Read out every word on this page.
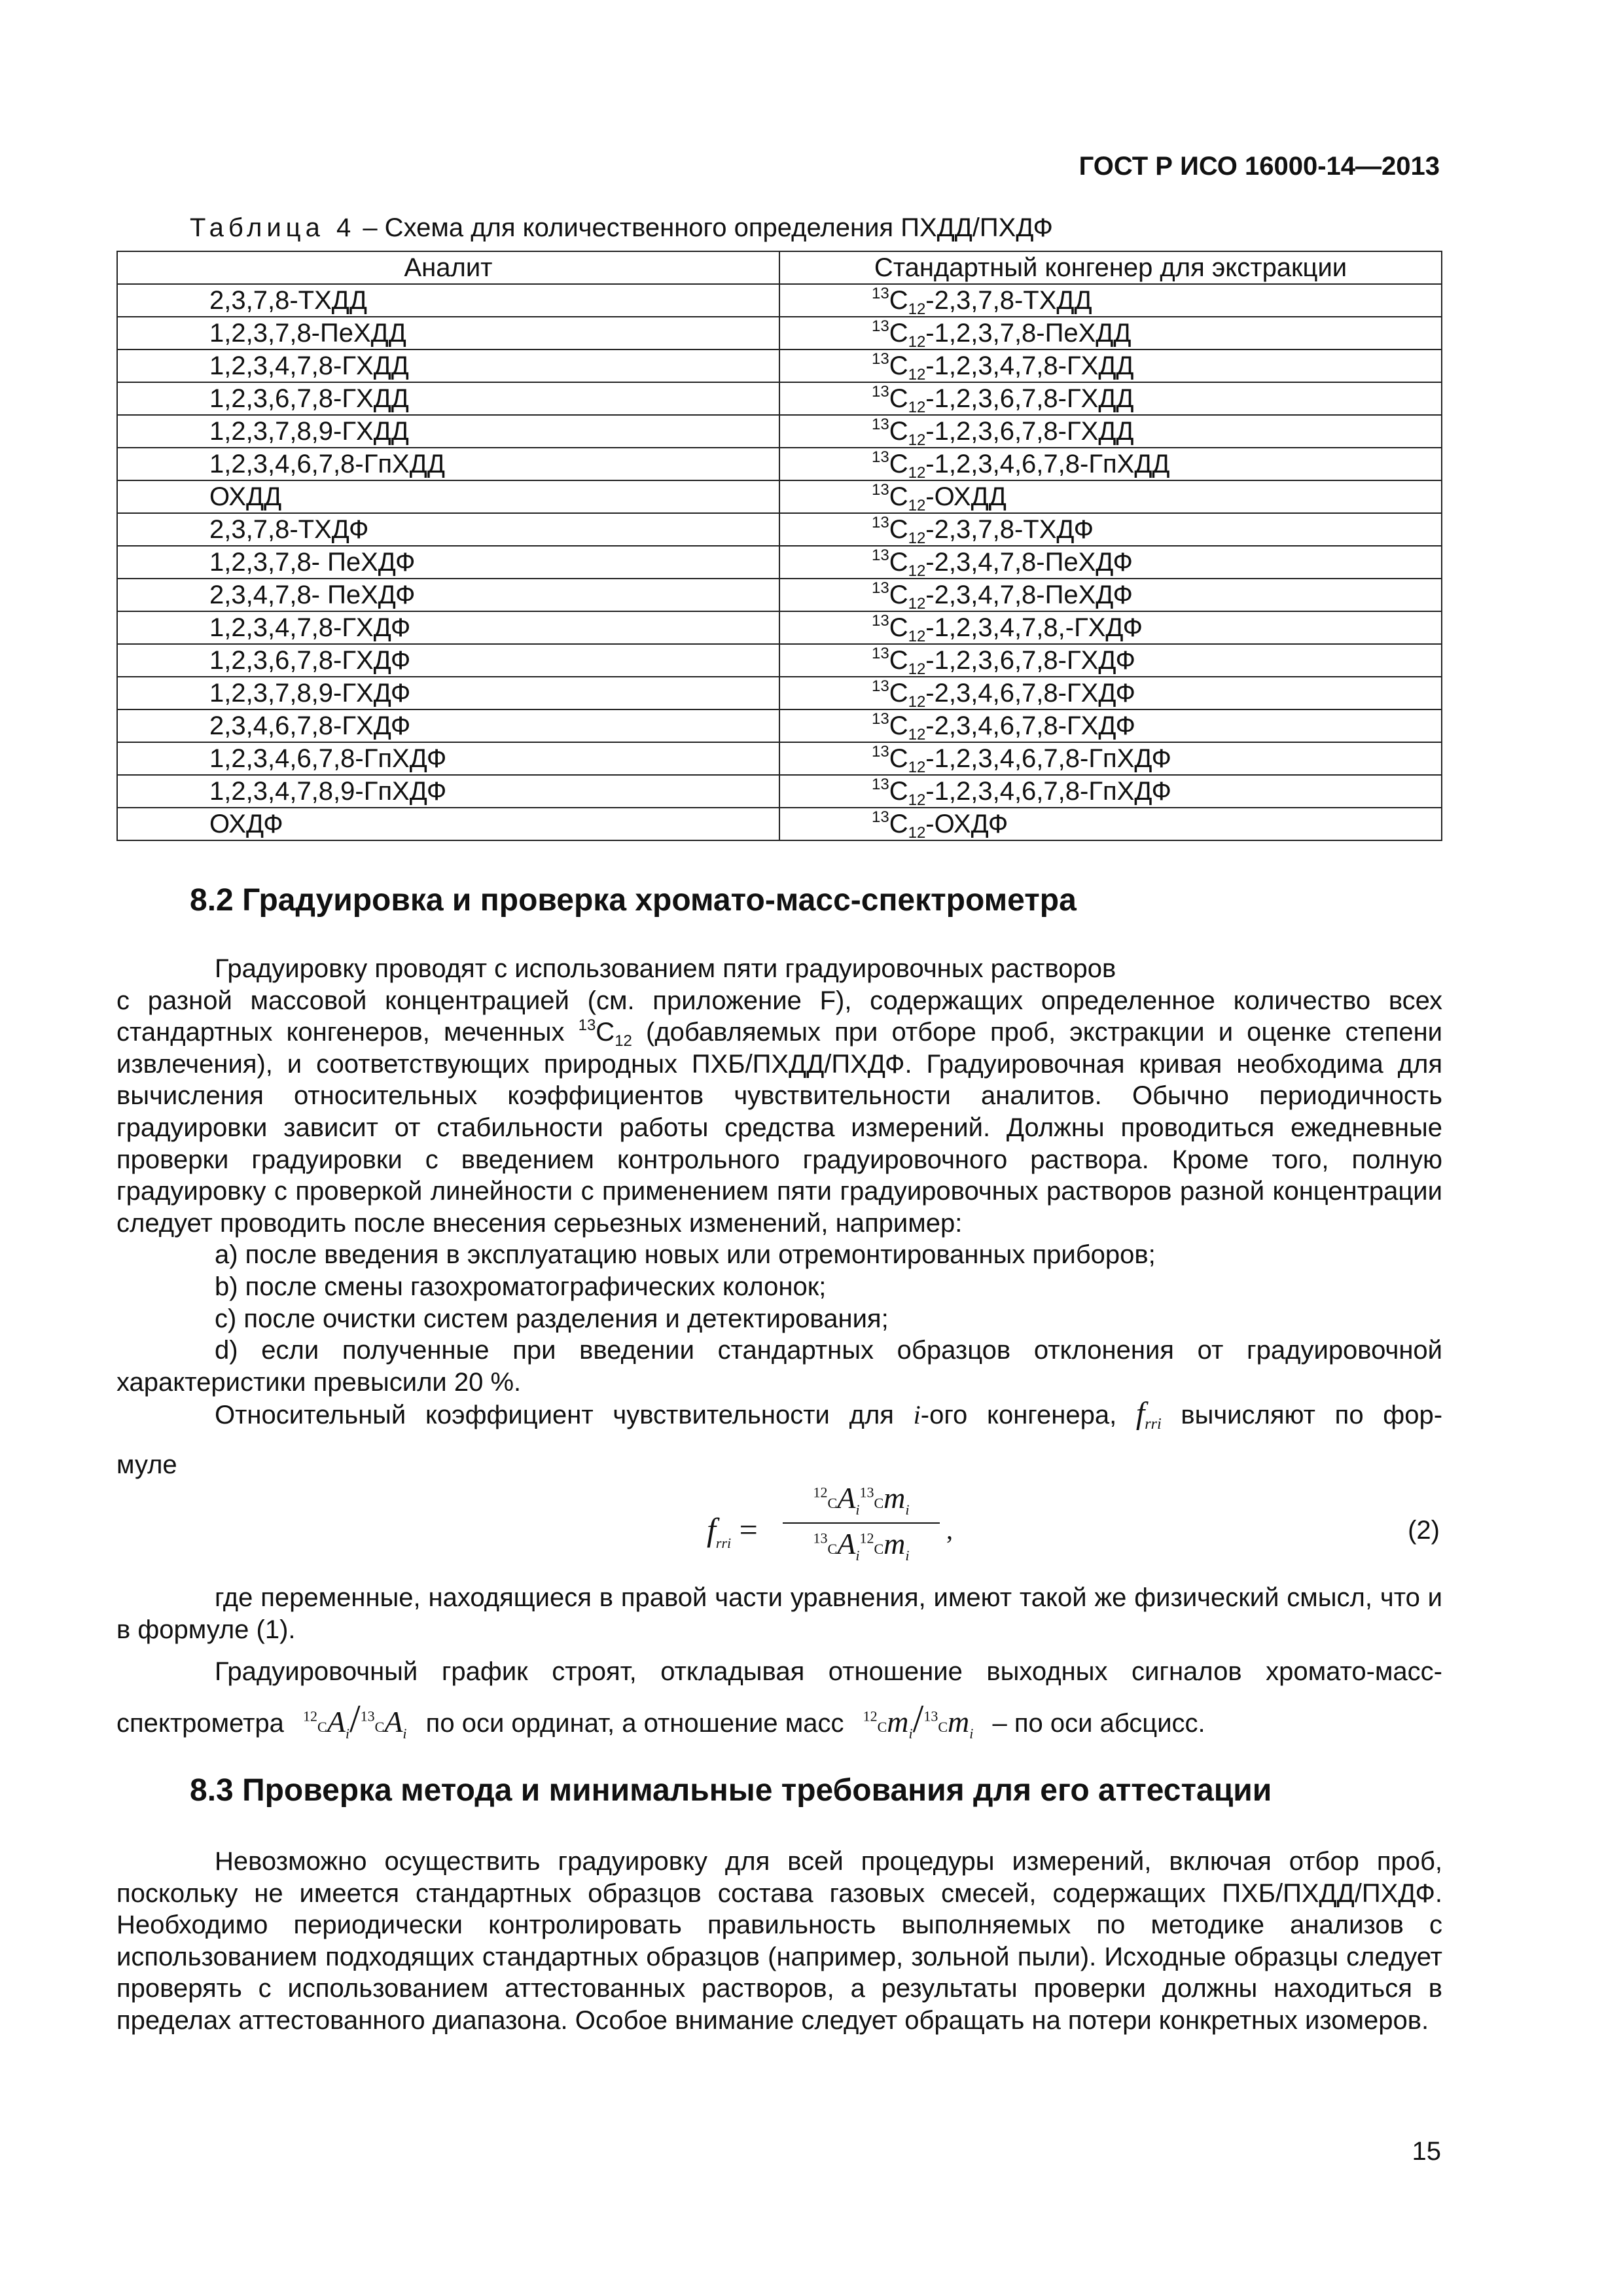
ГОСТ Р ИСО 16000-14—2013
Таблица 4 – Схема для количественного определения ПХДД/ПХДФ
Аналит	Стандартный конгенер для экстракции
2,3,7,8-ТХДД	$^{13}C_{12}-2,3,7,8$-ТХДД
1,2,3,7,8-ПеХДД	$^{13}C_{12}-1,2,3,7,8$-ПеХДД
1,2,3,4,7,8-ГХДД	$^{13}C_{12}-1,2,3,4,7,8$-ГХДД
1,2,3,6,7,8-ГХДД	$^{13}C_{12}-1,2,3,6,7,8$-ГХДД
1,2,3,7,8,9-ГХДД	$^{13}C_{12}-1,2,3,6,7,8$-ГХДД
1,2,3,4,6,7,8-ГпХДД	$^{13}C_{12}-1,2,3,4,6,7,8$-ГпХДД
ОХДД	$^{13}C_{12}$-ОХДД
2,3,7,8-ТХДФ	$^{13}C_{12}-2,3,7,8$-ТХДФ
1,2,3,7,8- ПеХДФ	$^{13}C_{12}-2,3,4,7,8$-ПеХДФ
2,3,4,7,8- ПеХДФ	$^{13}C_{12}-2,3,4,7,8$-ПеХДФ
1,2,3,4,7,8-ГХДФ	$^{13}C_{12}-1,2,3,4,7,8$,-ГХДФ
1,2,3,6,7,8-ГХДФ	$^{13}C_{12}-1,2,3,6,7,8$-ГХДФ
1,2,3,7,8,9-ГХДФ	$^{13}C_{12}-2,3,4,6,7,8$-ГХДФ
2,3,4,6,7,8-ГХДФ	$^{13}C_{12}-2,3,4,6,7,8$-ГХДФ
1,2,3,4,6,7,8-ГпХДФ	$^{13}C_{12}-1,2,3,4,6,7,8$-ГпХДФ
1,2,3,4,7,8,9-ГпХДФ	$^{13}C_{12}-1,2,3,4,6,7,8$-ГпХДФ
ОХДФ	$^{13}C_{12}$-ОХДФ
8.2 Градуировка и проверка хромато-масс-спектрометра
Градуировку проводят с использованием пяти градуировочных растворов
с разной массовой концентрацией (см. приложение F), содержащих определенное количество всех стандартных конгенеров, меченных $^{13}C_{12}$ (добавляемых при отборе проб, экстракции и оценке степени извлечения), и соответствующих природных ПХБ/ПХДД/ПХДФ. Градуировочная кривая необходима для вычисления относительных коэффициентов чувствительности аналитов. Обычно периодичность градуировки зависит от стабильности работы средства измерений. Должны проводиться ежедневные проверки градуировки с введением контрольного градуировочного раствора. Кроме того, полную градуировку с проверкой линейности с применением пяти градуировочных растворов разной концентрации следует проводить после внесения серьезных изменений, например:
a) после введения в эксплуатацию новых или отремонтированных приборов;
b) после смены газохроматографических колонок;
c) после очистки систем разделения и детектирования;
d) если полученные при введении стандартных образцов отклонения от градуировочной характеристики превысили 20 %.
Относительный коэффициент чувствительности для i-ого конгенера, $f_{rri}$ вычисляют по фор-
муле
$f_{rri}$ =
$^{12}CA_i^{13}Cm_i$
$^{13}CA_i^{12}Cm_i$
,	(2)
где переменные, находящиеся в правой части уравнения, имеют такой же физический смысл, что и в формуле (1).
Градуировочный график строят, откладывая отношение выходных сигналов хромато-масс-
спектрометра $^{12}CA_i/^{13}CA_i$ по оси ординат, а отношение масс $^{12}Cm_i/^{13}Cm_i$ – по оси абсцисс.
8.3 Проверка метода и минимальные требования для его аттестации
Невозможно осуществить градуировку для всей процедуры измерений, включая отбор проб, поскольку не имеется стандартных образцов состава газовых смесей, содержащих ПХБ/ПХДД/ПХДФ. Необходимо периодически контролировать правильность выполняемых по методике анализов с использованием подходящих стандартных образцов (например, зольной пыли). Исходные образцы следует проверять с использованием аттестованных растворов, а результаты проверки должны находиться в пределах аттестованного диапазона. Особое внимание следует обращать на потери конкретных изомеров.
15
